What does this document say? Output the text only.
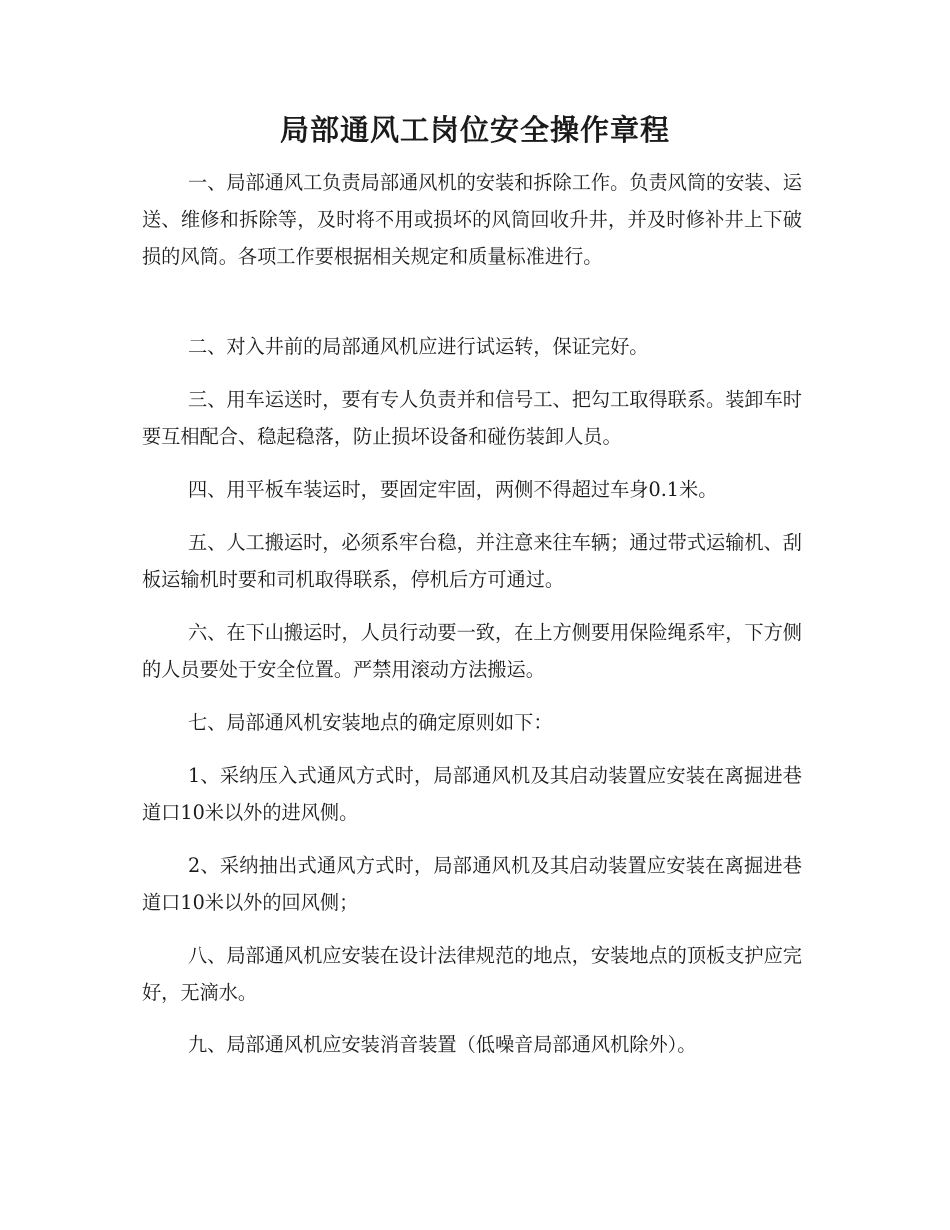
局部通风工岗位安全操作章程

一、局部通风工负责局部通风机的安装和拆除工作。负责风筒的安装、运送、维修和拆除等，及时将不用或损坏的风筒回收升井，并及时修补井上下破损的风筒。各项工作要根据相关规定和质量标准进行。

二、对入井前的局部通风机应进行试运转，保证完好。

三、用车运送时，要有专人负责并和信号工、把勾工取得联系。装卸车时要互相配合、稳起稳落，防止损坏设备和碰伤装卸人员。

四、用平板车装运时，要固定牢固，两侧不得超过车身0.1米。

五、人工搬运时，必须系牢台稳，并注意来往车辆；通过带式运输机、刮板运输机时要和司机取得联系，停机后方可通过。

六、在下山搬运时，人员行动要一致，在上方侧要用保险绳系牢，下方侧的人员要处于安全位置。严禁用滚动方法搬运。

七、局部通风机安装地点的确定原则如下：

1、采纳压入式通风方式时，局部通风机及其启动装置应安装在离掘进巷道口10米以外的进风侧。

2、采纳抽出式通风方式时，局部通风机及其启动装置应安装在离掘进巷道口10米以外的回风侧；

八、局部通风机应安装在设计法律规范的地点，安装地点的顶板支护应完好，无滴水。

九、局部通风机应安装消音装置（低噪音局部通风机除外）。
